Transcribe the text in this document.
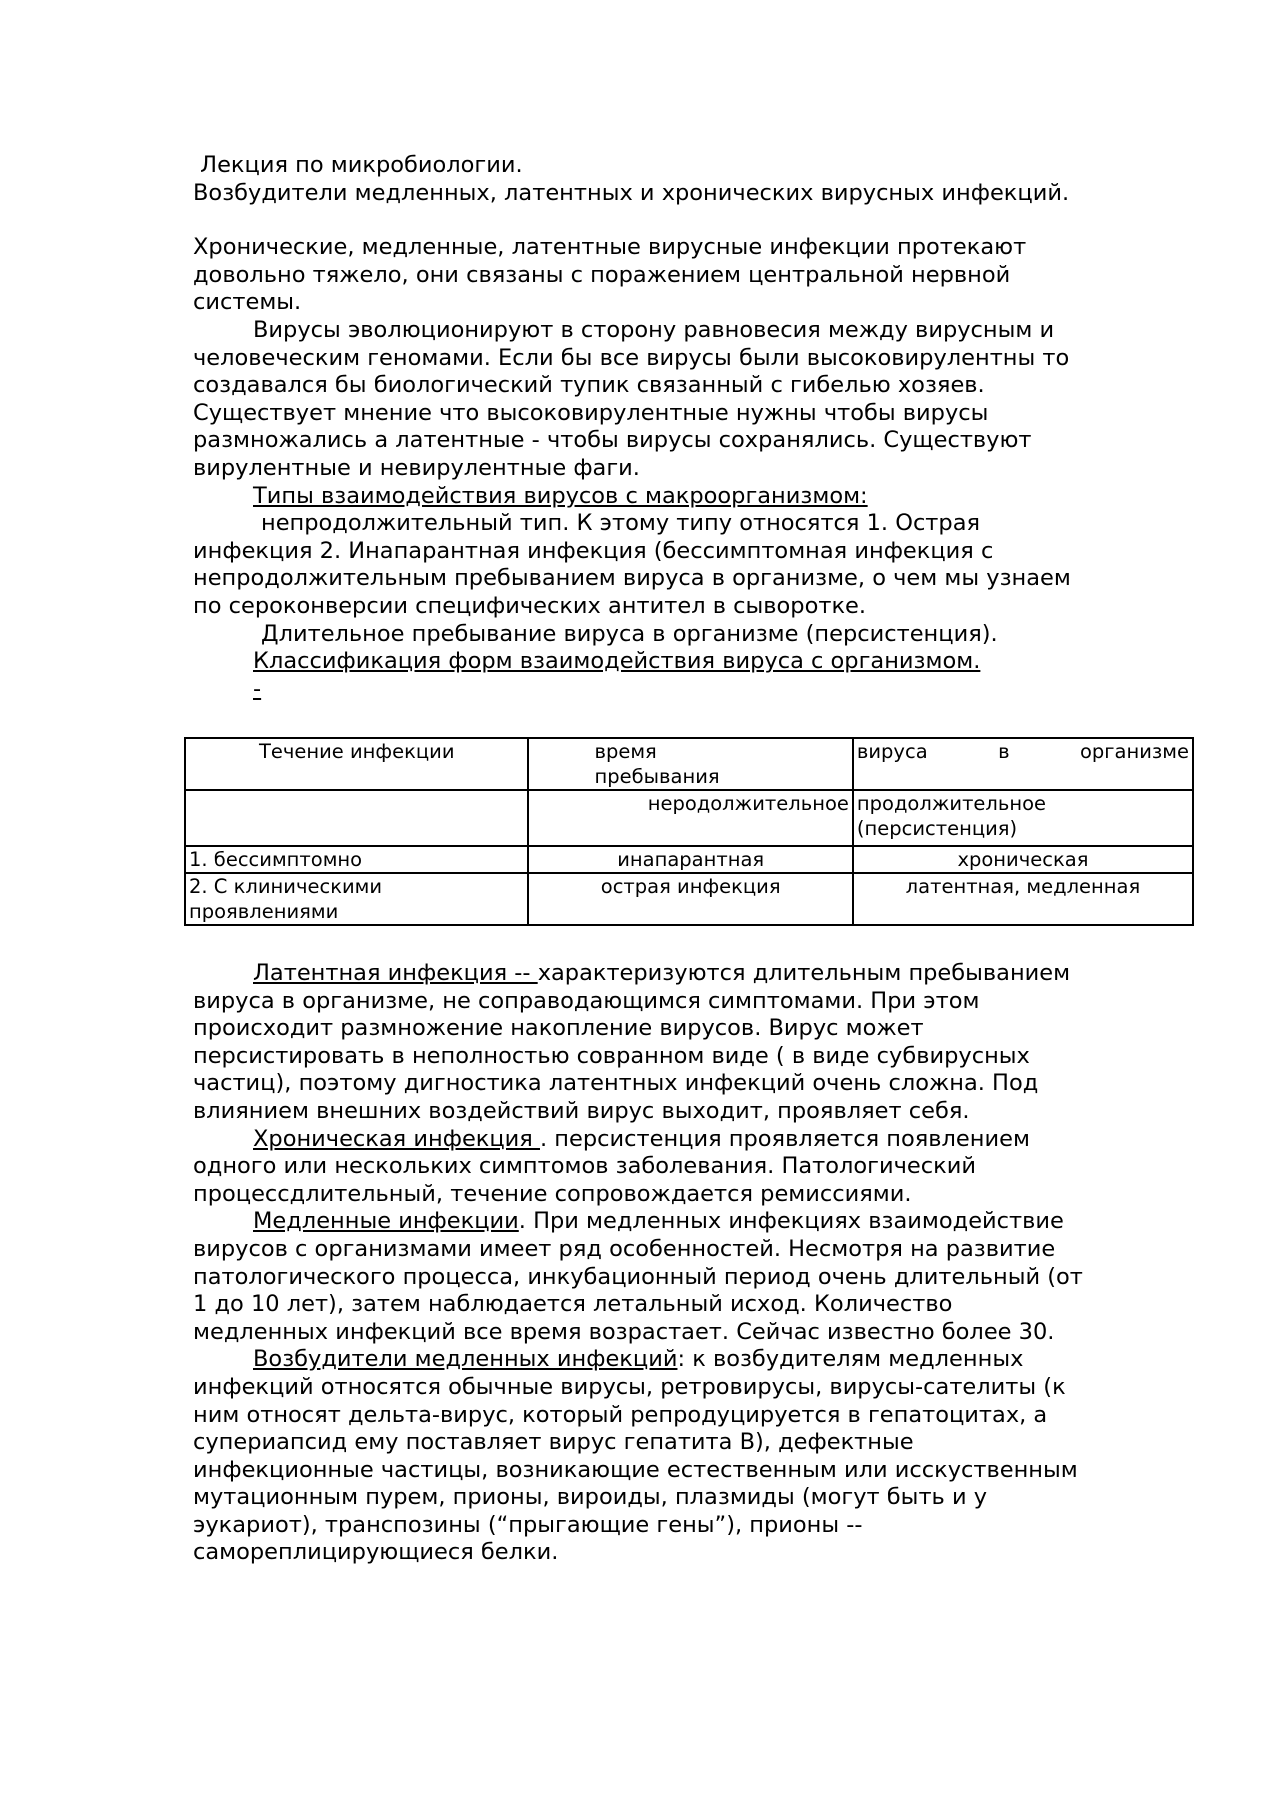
Лекция по микробиологии.

Возбудители медленных, латентных и хронических вирусных инфекций.

Хронические, медленные, латентные вирусные инфекции протекают довольно тяжело, они связаны с поражением центральной нервной системы.

Вирусы эволюционируют в сторону равновесия между вирусным и человеческим геномами. Если бы все вирусы были высоковирулентны то создавался бы биологический тупик связанный с гибелью хозяев. Существует мнение что высоковирулентные нужны чтобы вирусы размножались а латентные - чтобы вирусы сохранялись. Существуют вирулентные и невирулентные фаги.

Типы взаимодействия вирусов с макроорганизмом:

непродолжительный тип. К этому типу относятся 1. Острая инфекция 2. Инапарантная инфекция (бессимптомная инфекция с непродолжительным пребыванием вируса в организме, о чем мы узнаем по сероконверсии специфических антител в сыворотке.

Длительное пребывание вируса в организме (персистенция).

Классификация форм взаимодействия вируса с организмом.

-

Течение инфекции	время пребывания	вируса в организме

	неродолжительное	продолжительное (персистенция)
1. бессимптомно	инапарантная	хроническая
2. С клиническими проявлениями	острая инфекция	латентная, медленная

Латентная инфекция -- характеризуются длительным пребыванием вируса в организме, не соправодающимся симптомами. При этом происходит размножение накопление вирусов. Вирус может персистировать в неполностью совранном виде ( в виде субвирусных частиц), поэтому дигностика латентных инфекций очень сложна. Под влиянием внешних воздействий вирус выходит, проявляет себя.

Хроническая инфекция . персистенция проявляется появлением одного или нескольких симптомов заболевания. Патологический процессдлительный, течение сопровождается ремиссиями.

Медленные инфекции. При медленных инфекциях взаимодействие вирусов с организмами имеет ряд особенностей. Несмотря на развитие патологического процесса, инкубационный период очень длительный (от 1 до 10 лет), затем наблюдается летальный исход. Количество медленных инфекций все время возрастает. Сейчас известно более 30.

Возбудители медленных инфекций: к возбудителям медленных инфекций относятся обычные вирусы, ретровирусы, вирусы-сателиты (к ним относят дельта-вирус, который репродуцируется в гепатоцитах, а супериапсид ему поставляет вирус гепатита В), дефектные инфекционные частицы, возникающие естественным или исскуственным мутационным пурем, прионы, вироиды, плазмиды (могут быть и у эукариот), транспозины (“прыгающие гены”), прионы -- самореплицирующиеся белки.
